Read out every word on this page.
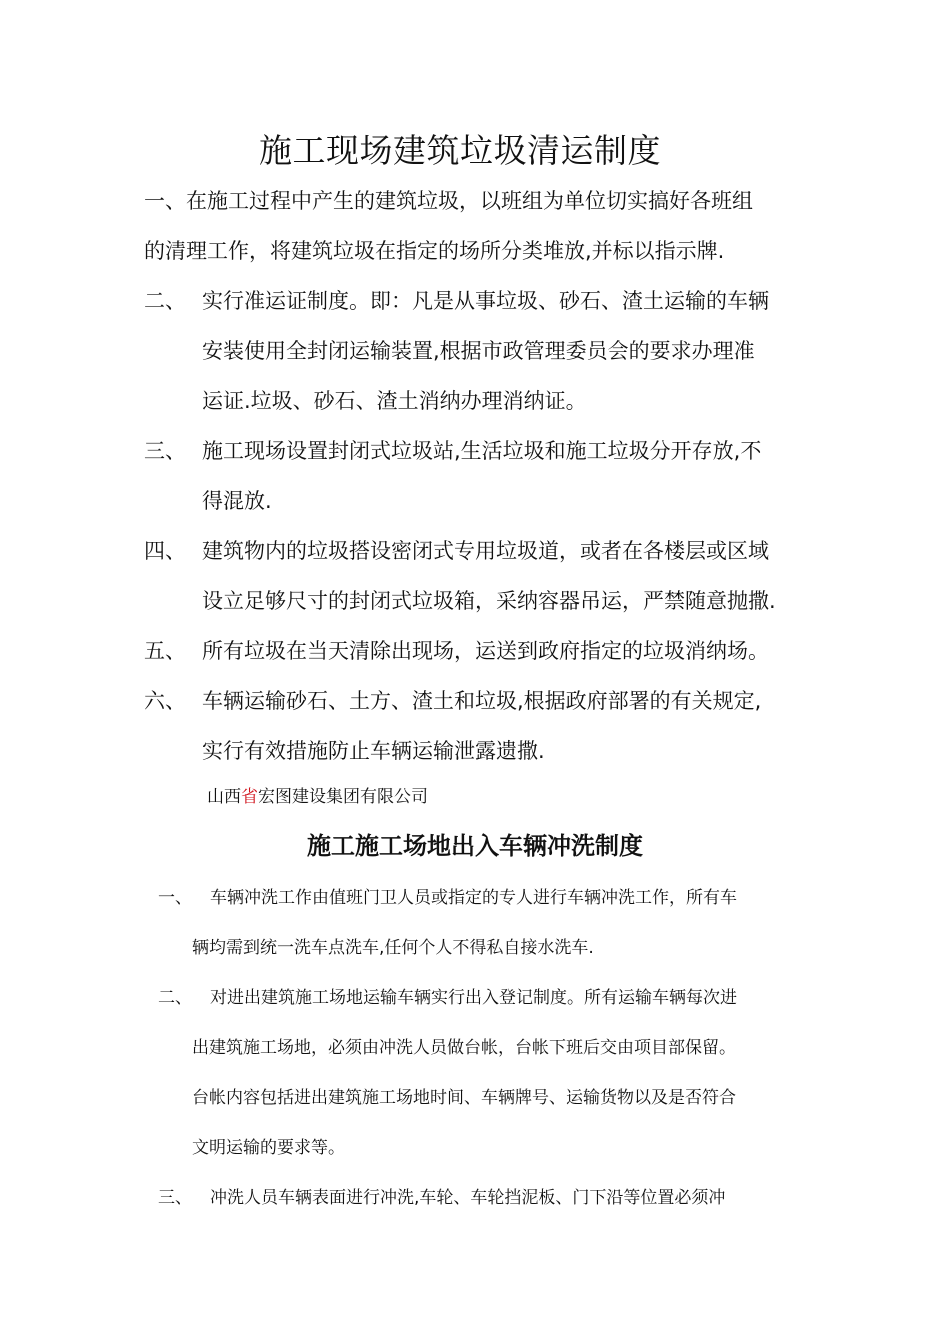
施工现场建筑垃圾清运制度
一、在施工过程中产生的建筑垃圾，以班组为单位切实搞好各班组
的清理工作，将建筑垃圾在指定的场所分类堆放,并标以指示牌.
二、 实行准运证制度。即：凡是从事垃圾、砂石、渣土运输的车辆
安装使用全封闭运输装置,根据市政管理委员会的要求办理准
运证.垃圾、砂石、渣土消纳办理消纳证。
三、 施工现场设置封闭式垃圾站,生活垃圾和施工垃圾分开存放,不
得混放.
四、 建筑物内的垃圾搭设密闭式专用垃圾道，或者在各楼层或区域
设立足够尺寸的封闭式垃圾箱，采纳容器吊运，严禁随意抛撒.
五、 所有垃圾在当天清除出现场，运送到政府指定的垃圾消纳场。
六、 车辆运输砂石、土方、渣土和垃圾,根据政府部署的有关规定,
实行有效措施防止车辆运输泄露遗撒.
山西省宏图建设集团有限公司
施工施工场地出入车辆冲洗制度
一、 车辆冲洗工作由值班门卫人员或指定的专人进行车辆冲洗工作，所有车
辆均需到统一洗车点洗车,任何个人不得私自接水洗车.
二、 对进出建筑施工场地运输车辆实行出入登记制度。所有运输车辆每次进
出建筑施工场地，必须由冲洗人员做台帐，台帐下班后交由项目部保留。
台帐内容包括进出建筑施工场地时间、车辆牌号、运输货物以及是否符合
文明运输的要求等。
三、 冲洗人员车辆表面进行冲洗,车轮、车轮挡泥板、门下沿等位置必须冲
